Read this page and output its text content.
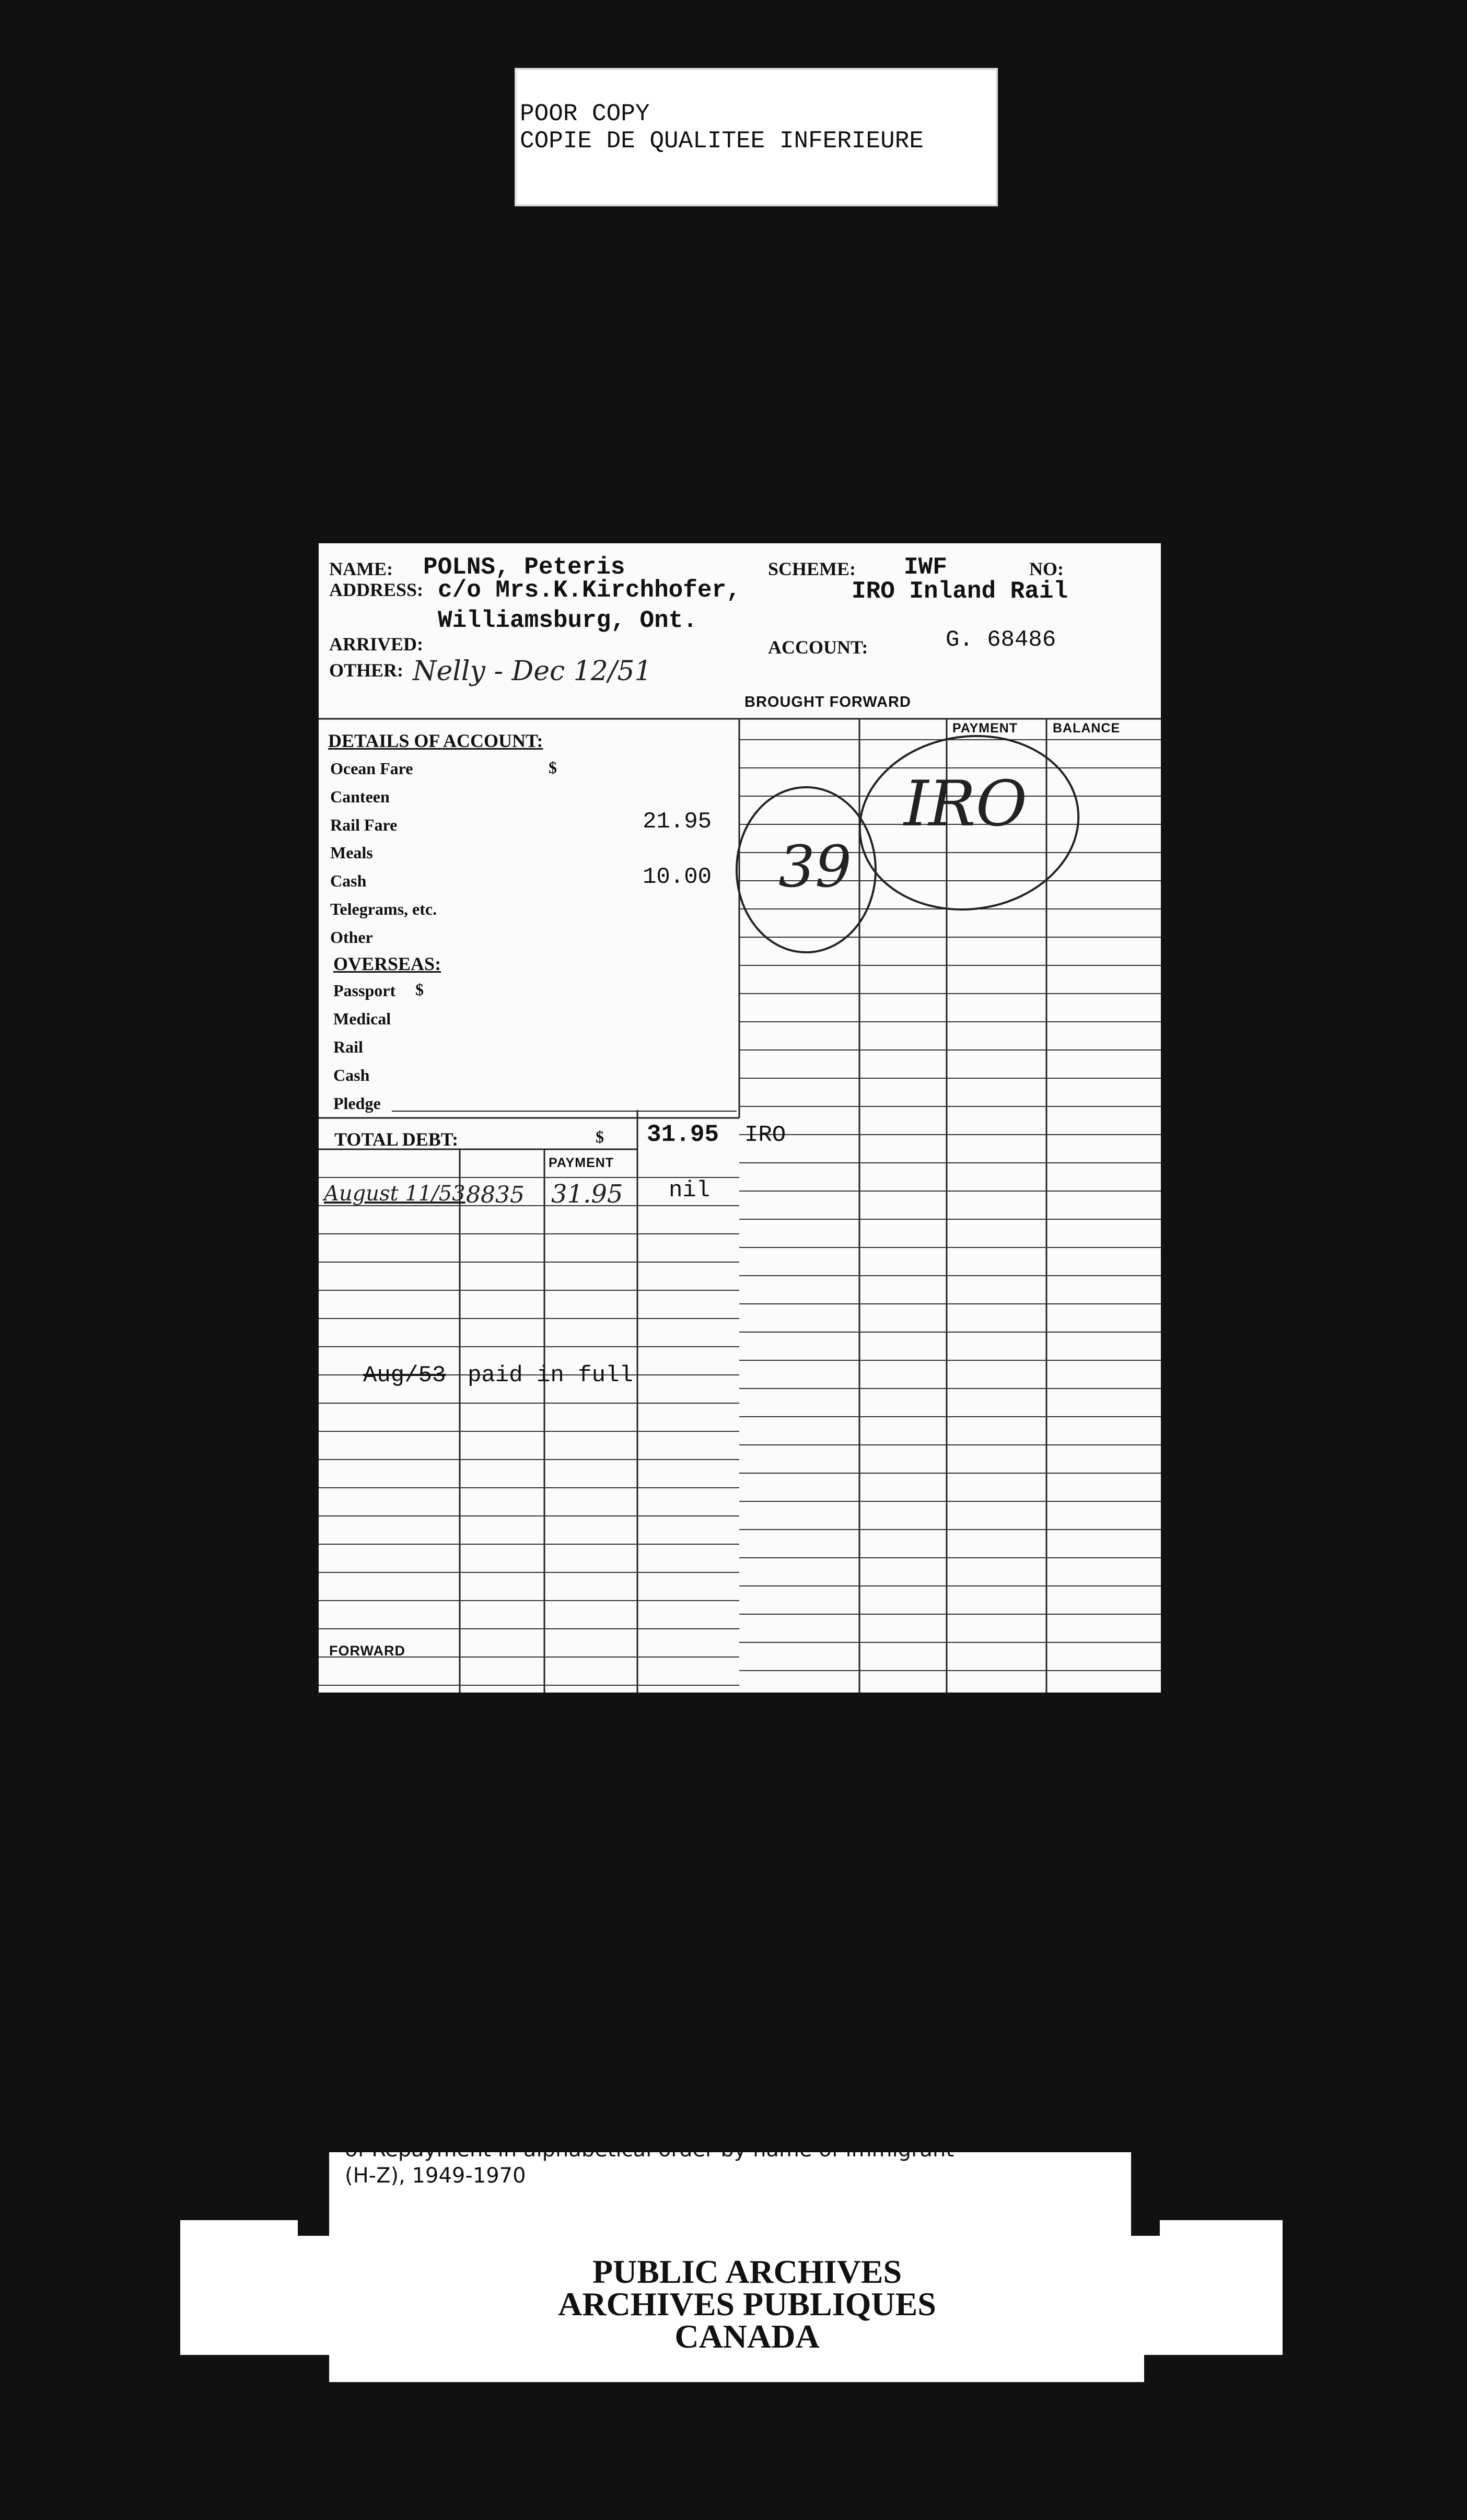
POOR COPY
COPIE DE QUALITEE INFERIEURE
NAME: POLNS, Peteris
ADDRESS: c/o Mrs.K.Kirchhofer,
Williamsburg, Ont.
ARRIVED:
OTHER: Nelly - Dec 12/51
SCHEME: IWF	NO:
IRO Inland Rail
ACCOUNT:	G. 68486
BROUGHT FORWARD
PAYMENT	BALANCE
39
IRO
DETAILS OF ACCOUNT:
Ocean Fare	$
Canteen
Rail Fare	21.95
Meals
Cash	10.00
Telegrams, etc.
Other
OVERSEAS:
Passport $
Medical
Rail
Cash
Pledge
TOTAL DEBT:	$ 31.95 IRO
PAYMENT
August 11/53 8835 31.95 nil
Aug/53 paid in full
FORWARD
MG 28 V 120, 5. C.L.W.R. Personal Files-Loans and Record
of Repayment in alphabetical order by name of immigrant
(H-Z), 1949-1970
PUBLIC ARCHIVES
ARCHIVES PUBLIQUES
CANADA
